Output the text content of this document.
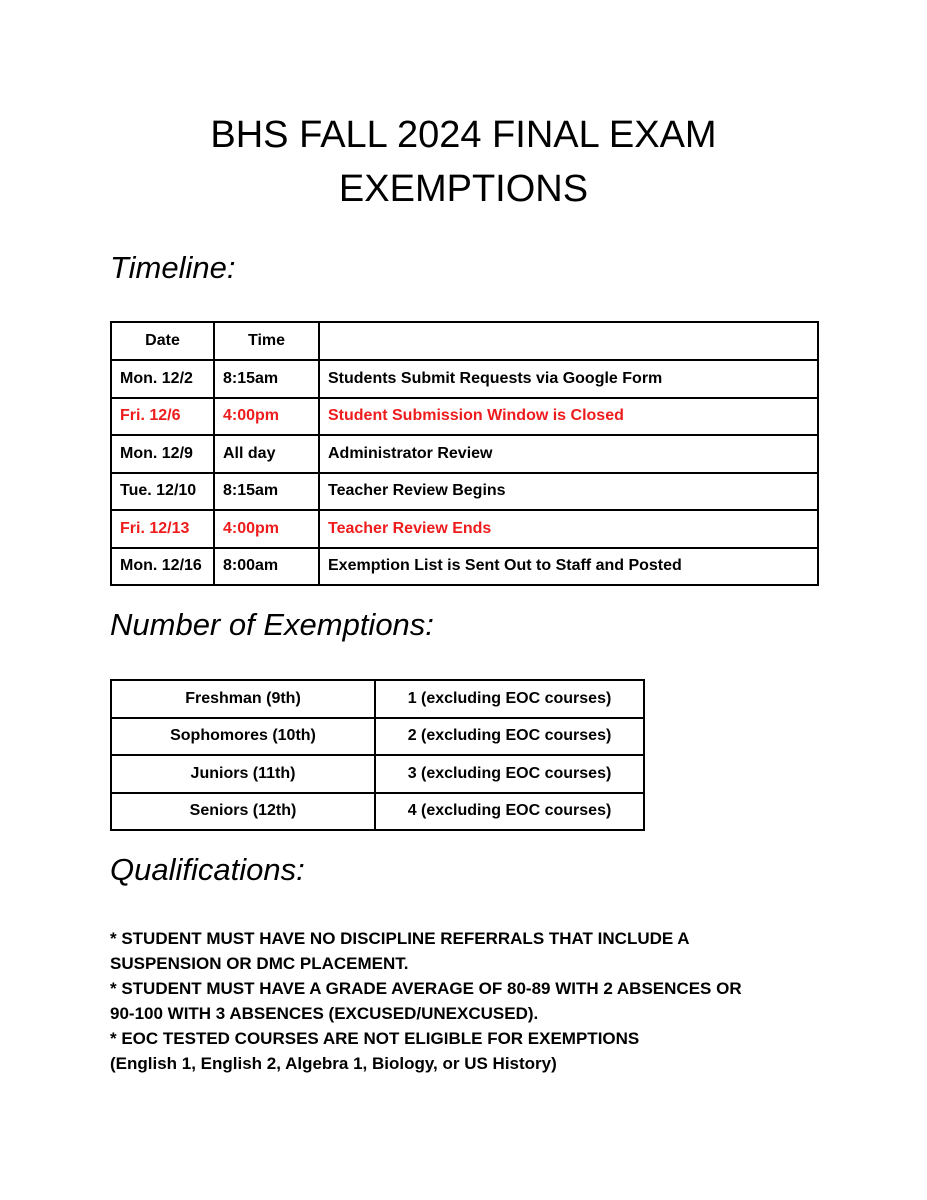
BHS FALL 2024 FINAL EXAM
EXEMPTIONS
Timeline:
Date	Time	
Mon. 12/2	8:15am	Students Submit Requests via Google Form
Fri. 12/6	4:00pm	Student Submission Window is Closed
Mon. 12/9	All day	Administrator Review
Tue. 12/10	8:15am	Teacher Review Begins
Fri. 12/13	4:00pm	Teacher Review Ends
Mon. 12/16	8:00am	Exemption List is Sent Out to Staff and Posted
Number of Exemptions:
Freshman (9th)	1 (excluding EOC courses)
Sophomores (10th)	2 (excluding EOC courses)
Juniors (11th)	3 (excluding EOC courses)
Seniors (12th)	4 (excluding EOC courses)
Qualifications:
* STUDENT MUST HAVE NO DISCIPLINE REFERRALS THAT INCLUDE A
SUSPENSION OR DMC PLACEMENT.
* STUDENT MUST HAVE A GRADE AVERAGE OF 80-89 WITH 2 ABSENCES OR
90-100 WITH 3 ABSENCES (EXCUSED/UNEXCUSED).
* EOC TESTED COURSES ARE NOT ELIGIBLE FOR EXEMPTIONS
(English 1, English 2, Algebra 1, Biology, or US History)
